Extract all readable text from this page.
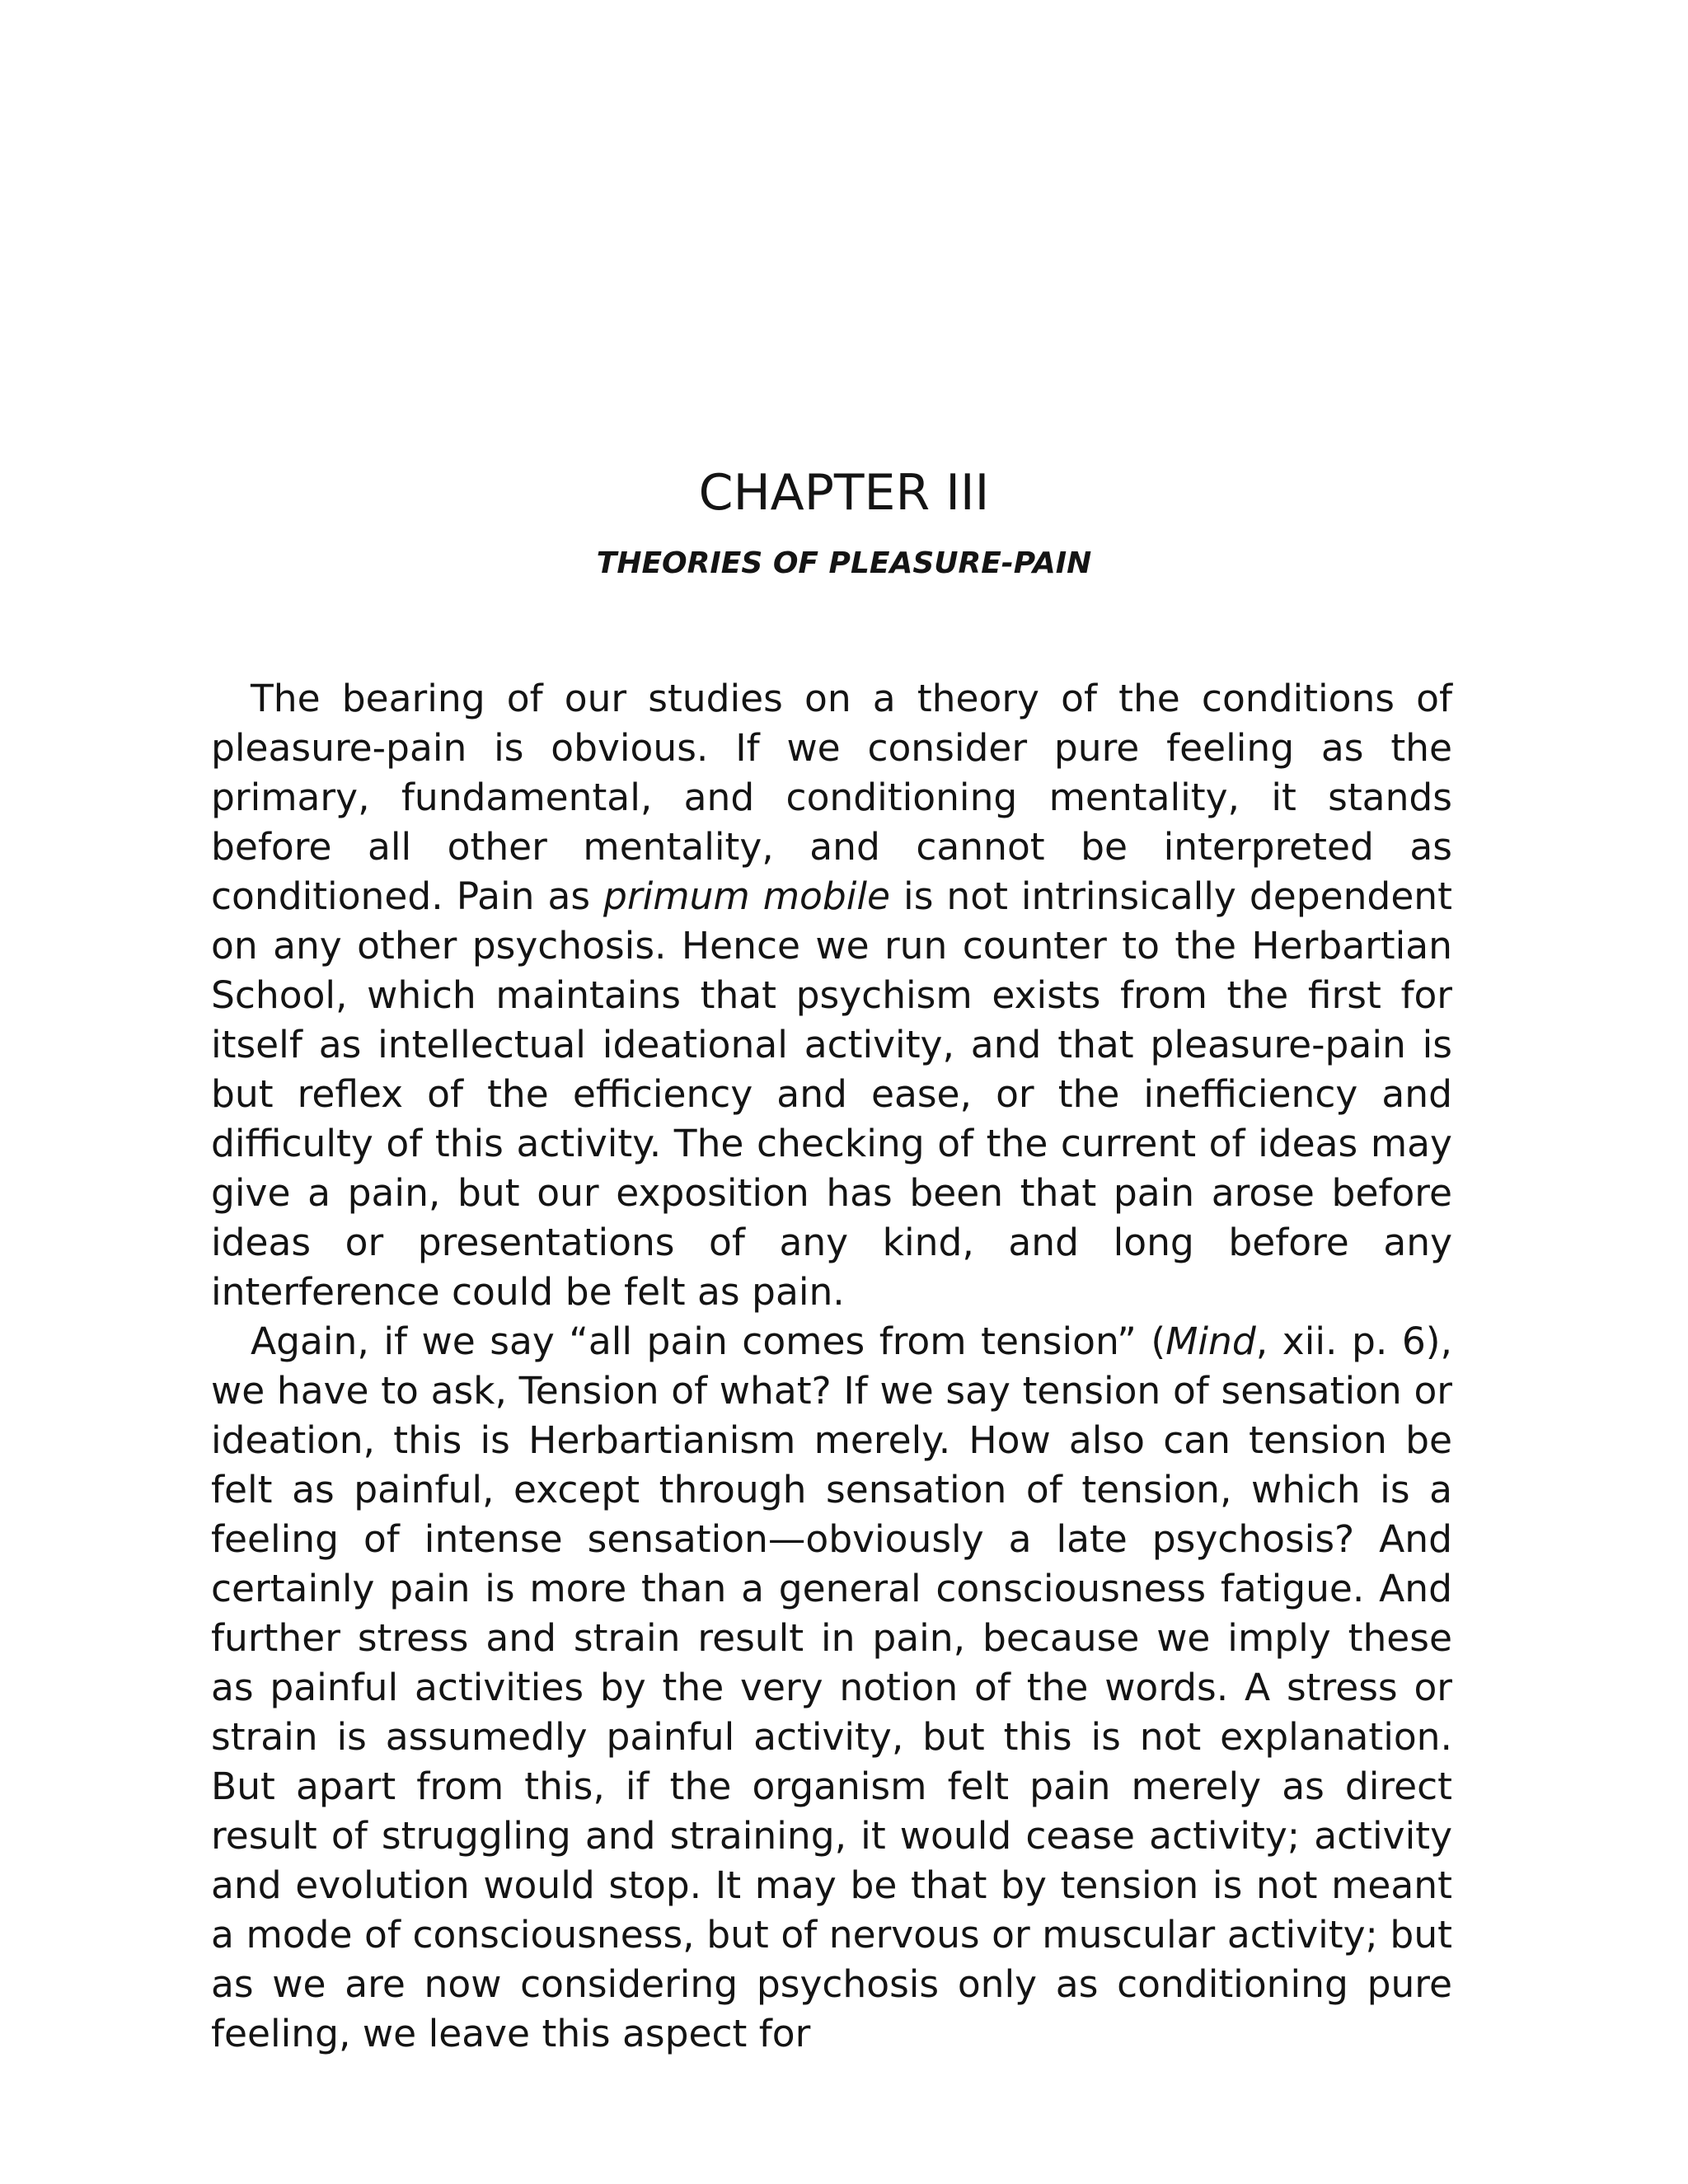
CHAPTER III
THEORIES OF PLEASURE-PAIN

The bearing of our studies on a theory of the conditions of pleasure-pain is obvious. If we consider pure feeling as the primary, fundamental, and conditioning mentality, it stands before all other mentality, and cannot be interpreted as conditioned. Pain as primum mobile is not intrinsically dependent on any other psychosis. Hence we run counter to the Herbartian School, which maintains that psychism exists from the first for itself as intellectual ideational activity, and that pleasure-pain is but reflex of the efficiency and ease, or the inefficiency and difficulty of this activity. The checking of the current of ideas may give a pain, but our exposition has been that pain arose before ideas or presentations of any kind, and long before any interference could be felt as pain.

Again, if we say “all pain comes from tension” (Mind, xii. p. 6), we have to ask, Tension of what? If we say tension of sensation or ideation, this is Herbartianism merely. How also can tension be felt as painful, except through sensation of tension, which is a feeling of intense sensation—obviously a late psychosis? And certainly pain is more than a general consciousness fatigue. And further stress and strain result in pain, because we imply these as painful activities by the very notion of the words. A stress or strain is assumedly painful activity, but this is not explanation. But apart from this, if the organism felt pain merely as direct result of struggling and straining, it would cease activity; activity and evolution would stop. It may be that by tension is not meant a mode of consciousness, but of nervous or muscular activity; but as we are now considering psychosis only as conditioning pure feeling, we leave this aspect for
